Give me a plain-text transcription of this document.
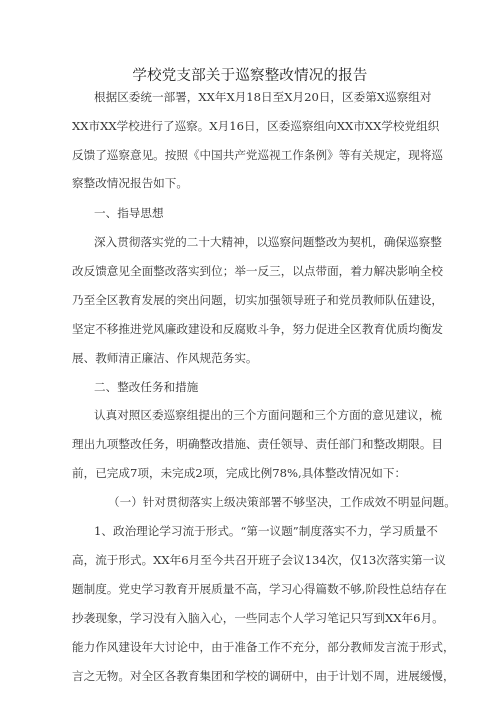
学校党支部关于巡察整改情况的报告
根据区委统一部署，XX年X月18日至X月20日，区委第X巡察组对
XX市XX学校进行了巡察。X月16日，区委巡察组向XX市XX学校党组织
反馈了巡察意见。按照《中国共产党巡视工作条例》等有关规定，现将巡
察整改情况报告如下。
一、指导思想
深入贯彻落实党的二十大精神，以巡察问题整改为契机，确保巡察整
改反馈意见全面整改落实到位；举一反三，以点带面，着力解决影响全校
乃至全区教育发展的突出问题，切实加强领导班子和党员教师队伍建设，
坚定不移推进党风廉政建设和反腐败斗争，努力促进全区教育优质均衡发
展、教师清正廉洁、作风规范务实。
二、整改任务和措施
认真对照区委巡察组提出的三个方面问题和三个方面的意见建议，梳
理出九项整改任务，明确整改措施、责任领导、责任部门和整改期限。目
前，已完成7项，未完成2项，完成比例78%,具体整改情况如下：
（一）针对贯彻落实上级决策部署不够坚决，工作成效不明显问题。
1、政治理论学习流于形式。“第一议题”制度落实不力，学习质量不
高，流于形式。XX年6月至今共召开班子会议134次，仅13次落实第一议
题制度。党史学习教育开展质量不高，学习心得篇数不够,阶段性总结存在
抄袭现象，学习没有入脑入心，一些同志个人学习笔记只写到XX年6月。
能力作风建设年大讨论中，由于准备工作不充分，部分教师发言流于形式，
言之无物。对全区各教育集团和学校的调研中，由于计划不周，进展缓慢，
